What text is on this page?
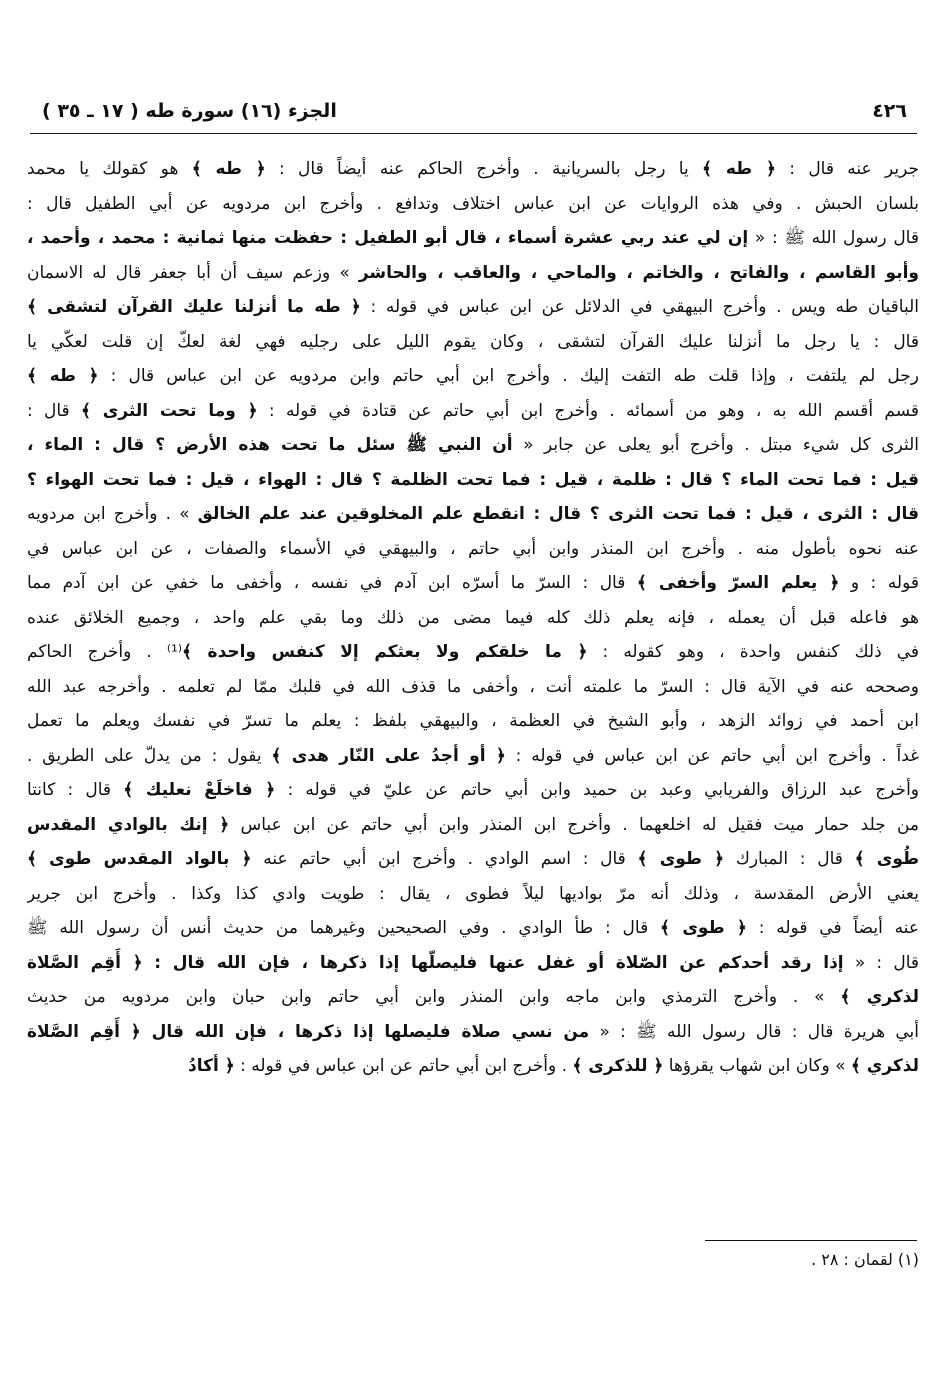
٤٢٦
الجزء (١٦) سورة طه ( ١٧ ـ ٣٥ )
جرير عنه قال : ﴿ طه ﴾ يا رجل بالسريانية . وأخرج الحاكم عنه أيضاً قال : ﴿ طه ﴾ هو كقولك يا محمد
بلسان الحبش . وفي هذه الروايات عن ابن عباس اختلاف وتدافع . وأخرج ابن مردويه عن أبي الطفيل قال :
قال رسول الله ﷺ : « إن لي عند ربي عشرة أسماء ، قال أبو الطفيل : حفظت منها ثمانية : محمد ، وأحمد ،
وأبو القاسم ، والفاتح ، والخاتم ، والماحي ، والعاقب ، والحاشر » وزعم سيف أن أبا جعفر قال له الاسمان
الباقيان طه ويس . وأخرج البيهقي في الدلائل عن ابن عباس في قوله : ﴿ طه ما أنزلنا عليك القرآن لتشقى ﴾
قال : يا رجل ما أنزلنا عليك القرآن لتشقى ، وكان يقوم الليل على رجليه فهي لغة لعكّ إن قلت لعكّي يا
رجل لم يلتفت ، وإذا قلت طه التفت إليك . وأخرج ابن أبي حاتم وابن مردويه عن ابن عباس قال : ﴿ طه ﴾
قسم أقسم الله به ، وهو من أسمائه . وأخرج ابن أبي حاتم عن قتادة في قوله : ﴿ وما تحت الثرى ﴾ قال :
الثرى كل شيء مبتل . وأخرج أبو يعلى عن جابر « أن النبي ﷺ سئل ما تحت هذه الأرض ؟ قال : الماء ،
قيل : فما تحت الماء ؟ قال : ظلمة ، قيل : فما تحت الظلمة ؟ قال : الهواء ، قيل : فما تحت الهواء ؟
قال : الثرى ، قيل : فما تحت الثرى ؟ قال : انقطع علم المخلوقين عند علم الخالق » . وأخرج ابن مردويه
عنه نحوه بأطول منه . وأخرج ابن المنذر وابن أبي حاتم ، والبيهقي في الأسماء والصفات ، عن ابن عباس في
قوله : و ﴿ يعلم السرّ وأخفى ﴾ قال : السرّ ما أسرّه ابن آدم في نفسه ، وأخفى ما خفي عن ابن آدم مما
هو فاعله قبل أن يعمله ، فإنه يعلم ذلك كله فيما مضى من ذلك وما بقي علم واحد ، وجميع الخلائق عنده
في ذلك كنفس واحدة ، وهو كقوله : ﴿ ما خلقكم ولا بعثكم إلا كنفس واحدة ﴾⁽¹⁾ . وأخرج الحاكم
وصححه عنه في الآية قال : السرّ ما علمته أنت ، وأخفى ما قذف الله في قلبك ممّا لم تعلمه . وأخرجه عبد الله
ابن أحمد في زوائد الزهد ، وأبو الشيخ في العظمة ، والبيهقي بلفظ : يعلم ما تسرّ في نفسك ويعلم ما تعمل
غداً . وأخرج ابن أبي حاتم عن ابن عباس في قوله : ﴿ أو أجدُ على النّار هدى ﴾ يقول : من يدلّ على الطريق .
وأخرج عبد الرزاق والفريابي وعبد بن حميد وابن أبي حاتم عن عليّ في قوله : ﴿ فاخلَعْ نعليك ﴾ قال : كانتا
من جلد حمار ميت فقيل له اخلعهما . وأخرج ابن المنذر وابن أبي حاتم عن ابن عباس ﴿ إنك بالوادي المقدس
طُوى ﴾ قال : المبارك ﴿ طوى ﴾ قال : اسم الوادي . وأخرج ابن أبي حاتم عنه ﴿ بالواد المقدس طوى ﴾
يعني الأرض المقدسة ، وذلك أنه مرّ بواديها ليلاً فطوى ، يقال : طويت وادي كذا وكذا . وأخرج ابن جرير
عنه أيضاً في قوله : ﴿ طوى ﴾ قال : طأ الوادي . وفي الصحيحين وغيرهما من حديث أنس أن رسول الله ﷺ
قال : « إذا رقد أحدكم عن الصّلاة أو غفل عنها فليصلّها إذا ذكرها ، فإن الله قال : ﴿ أَقِم الصَّلاة
لذكري ﴾ » . وأخرج الترمذي وابن ماجه وابن المنذر وابن أبي حاتم وابن حبان وابن مردويه من حديث
أبي هريرة قال : قال رسول الله ﷺ : « من نسي صلاة فليصلها إذا ذكرها ، فإن الله قال ﴿ أَقِم الصَّلاة
لذكري ﴾ » وكان ابن شهاب يقرؤها ﴿ للذكرى ﴾ . وأخرج ابن أبي حاتم عن ابن عباس في قوله : ﴿ أكادُ
(١) لقمان : ٢٨ .
